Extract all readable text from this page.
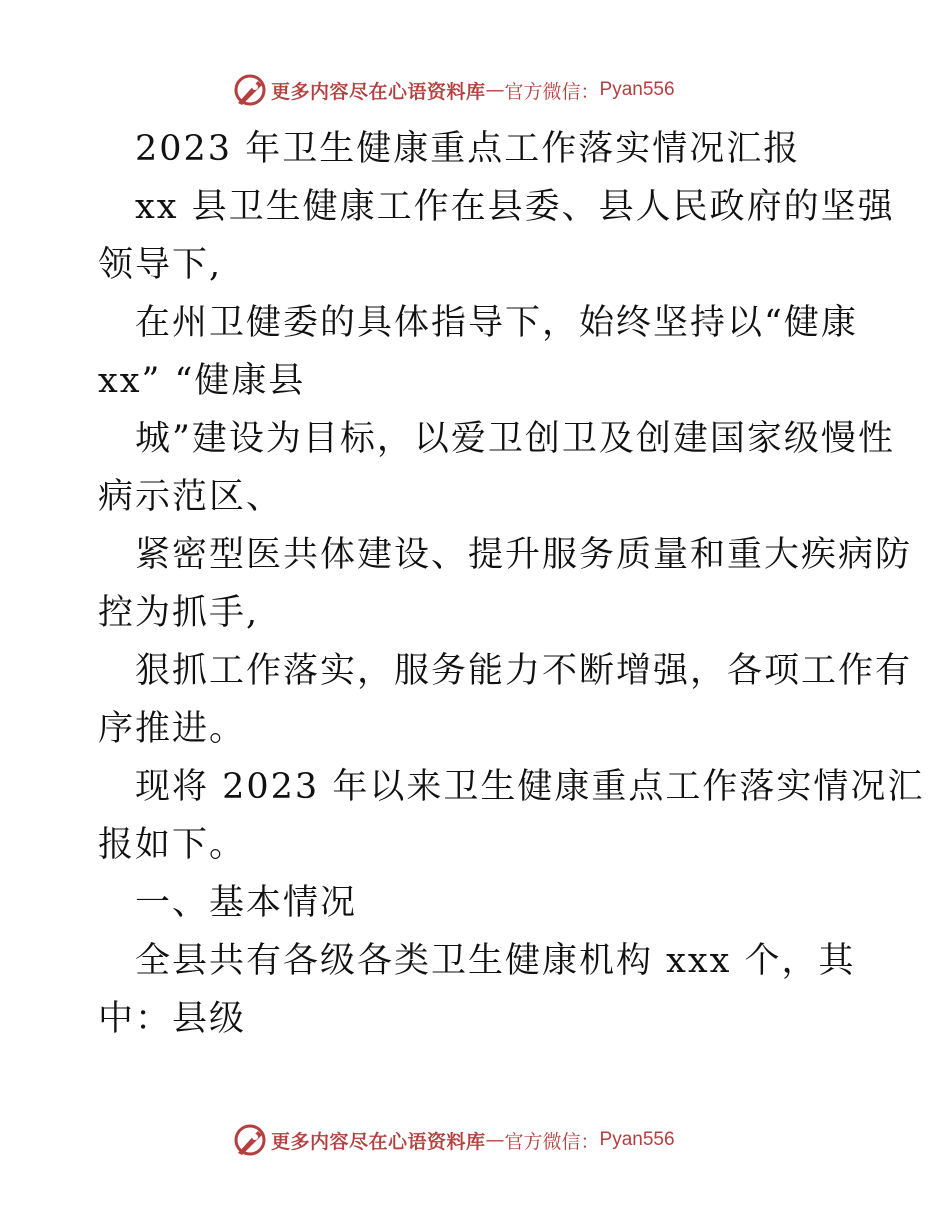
更多内容尽在心语资料库 — 官方微信： Pyan556
2023 年卫生健康重点工作落实情况汇报
xx 县卫生健康工作在县委、县人民政府的坚强
领导下,
在州卫健委的具体指导下，始终坚持以“健康
xx” “健康县
城”建设为目标，以爱卫创卫及创建国家级慢性
病示范区、
紧密型医共体建设、提升服务质量和重大疾病防
控为抓手,
狠抓工作落实，服务能力不断增强，各项工作有
序推进。
现将 2023 年以来卫生健康重点工作落实情况汇
报如下。
一、基本情况
全县共有各级各类卫生健康机构 xxx 个，其
中：县级
更多内容尽在心语资料库 — 官方微信： Pyan556
